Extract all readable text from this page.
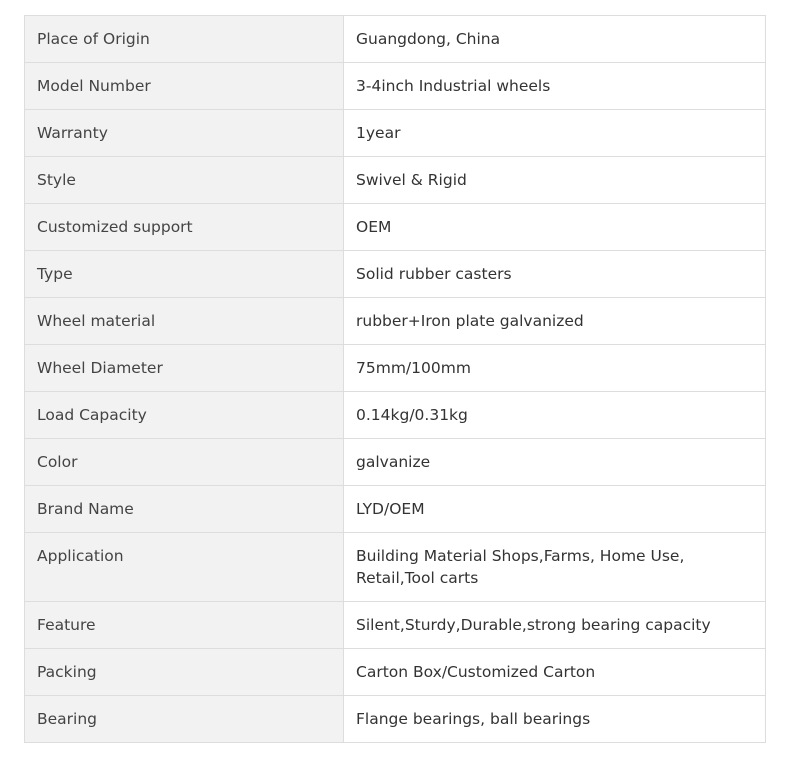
Place of Origin	Guangdong, China
Model Number	3-4inch Industrial wheels
Warranty	1year
Style	Swivel & Rigid
Customized support	OEM
Type	Solid rubber casters
Wheel material	rubber+Iron plate galvanized
Wheel Diameter	75mm/100mm
Load Capacity	0.14kg/0.31kg
Color	galvanize
Brand Name	LYD/OEM
Application	Building Material Shops,Farms, Home Use, Retail,Tool carts
Feature	Silent,Sturdy,Durable,strong bearing capacity
Packing	Carton Box/Customized Carton
Bearing	Flange bearings, ball bearings
